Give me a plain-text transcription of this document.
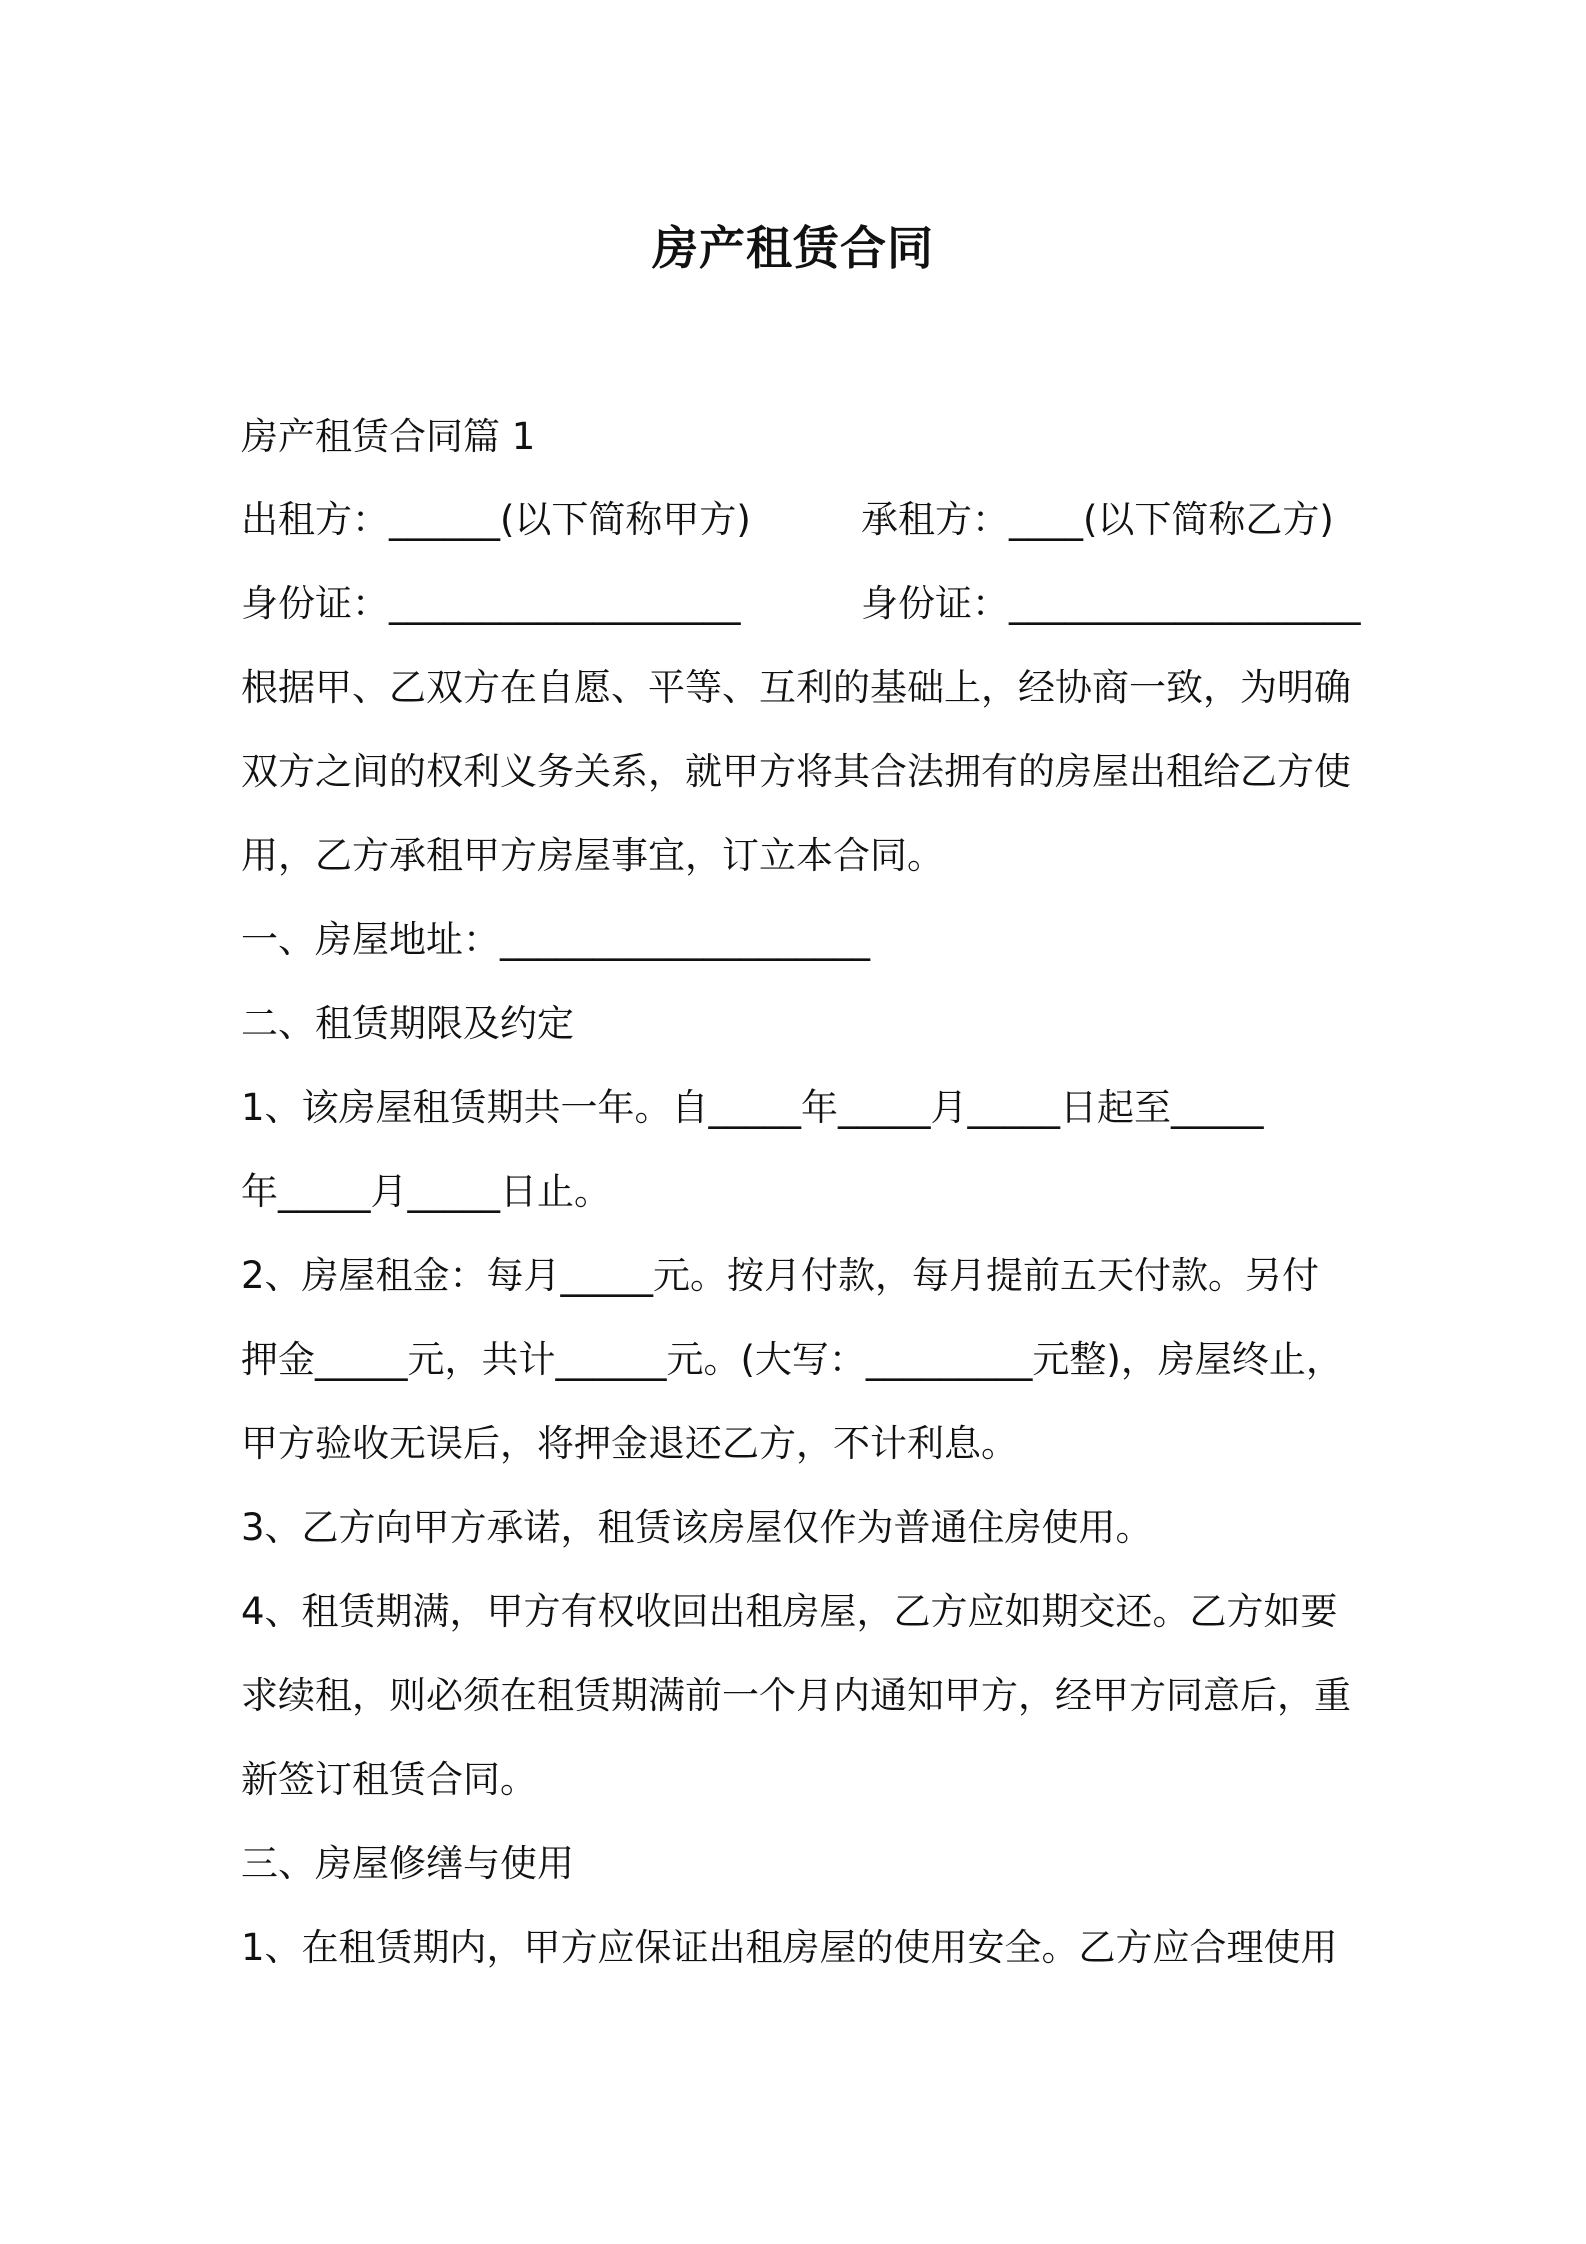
房产租赁合同
房产租赁合同篇 1

出租方：______(以下简称甲方)

	承租方：____(以下简称乙方)

身份证：___________________

	身份证：___________________

根据甲、乙双方在自愿、平等、互利的基础上，经协商一致，为明确
双方之间的权利义务关系，就甲方将其合法拥有的房屋出租给乙方使
用，乙方承租甲方房屋事宜，订立本合同。
一、房屋地址：____________________
二、租赁期限及约定
1、该房屋租赁期共一年。自_____年_____月_____日起至_____
年_____月_____日止。
2、房屋租金：每月_____元。按月付款，每月提前五天付款。另付
押金_____元，共计______元。(大写：_________元整)，房屋终止，
甲方验收无误后，将押金退还乙方，不计利息。
3、乙方向甲方承诺，租赁该房屋仅作为普通住房使用。
4、租赁期满，甲方有权收回出租房屋，乙方应如期交还。乙方如要
求续租，则必须在租赁期满前一个月内通知甲方，经甲方同意后，重
新签订租赁合同。
三、房屋修缮与使用
1、在租赁期内，甲方应保证出租房屋的使用安全。乙方应合理使用
